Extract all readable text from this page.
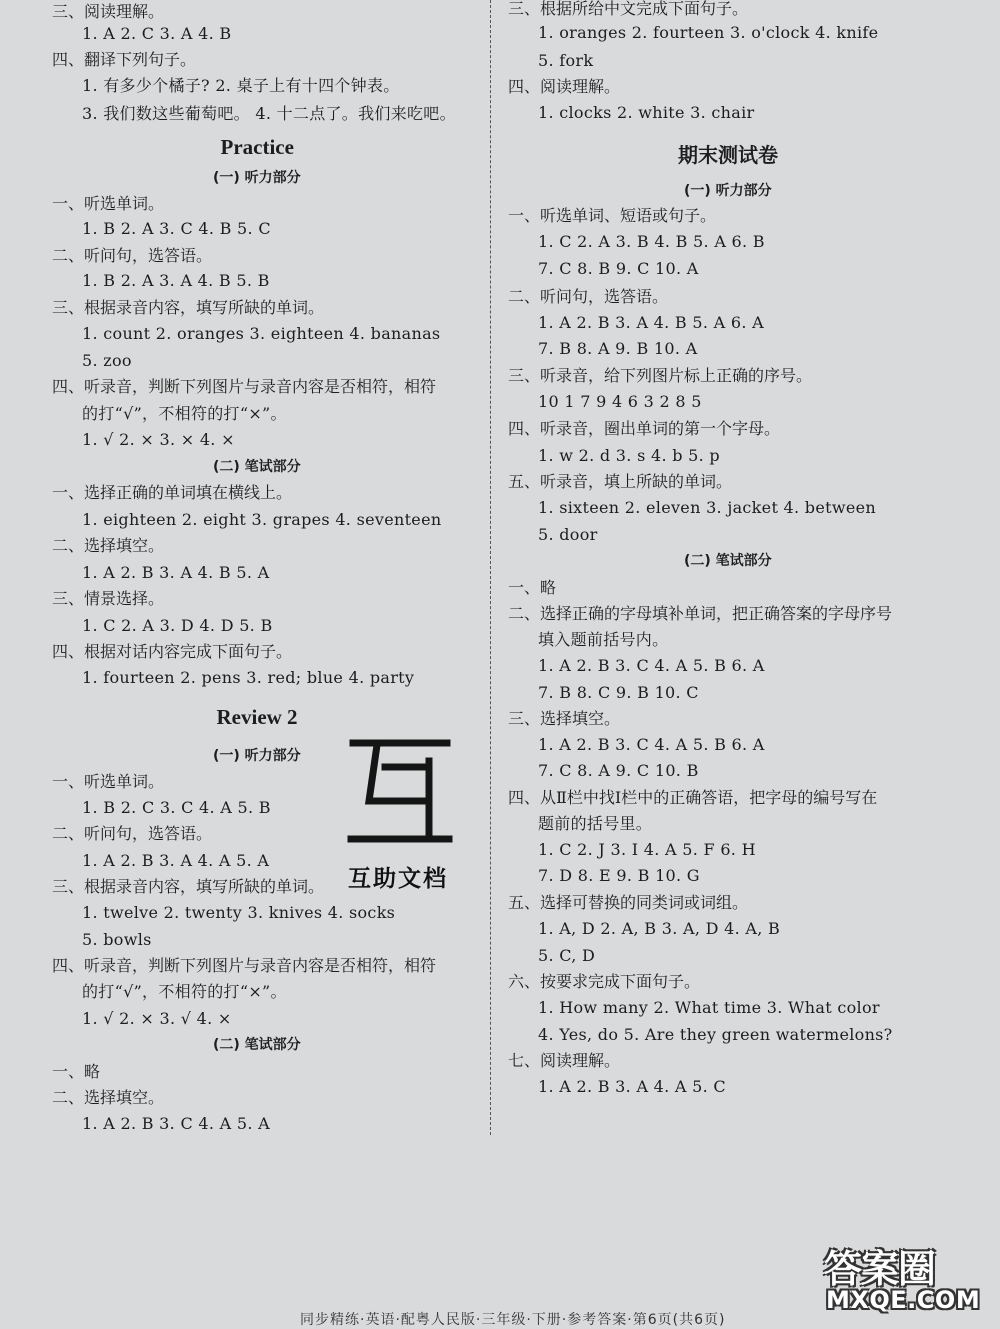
三、阅读理解。
1. A 2. C 3. A 4. B
四、翻译下列句子。
1. 有多少个橘子? 2. 桌子上有十四个钟表。
3. 我们数这些葡萄吧。 4. 十二点了。我们来吃吧。
Practice
(一) 听力部分
一、听选单词。
1. B 2. A 3. C 4. B 5. C
二、听问句，选答语。
1. B 2. A 3. A 4. B 5. B
三、根据录音内容，填写所缺的单词。
1. count 2. oranges 3. eighteen 4. bananas
5. zoo
四、听录音，判断下列图片与录音内容是否相符，相符
的打“√”，不相符的打“×”。
1. √ 2. × 3. × 4. ×
(二) 笔试部分
一、选择正确的单词填在横线上。
1. eighteen 2. eight 3. grapes 4. seventeen
二、选择填空。
1. A 2. B 3. A 4. B 5. A
三、情景选择。
1. C 2. A 3. D 4. D 5. B
四、根据对话内容完成下面句子。
1. fourteen 2. pens 3. red; blue 4. party
Review 2
(一) 听力部分
一、听选单词。
1. B 2. C 3. C 4. A 5. B
二、听问句，选答语。
1. A 2. B 3. A 4. A 5. A
三、根据录音内容，填写所缺的单词。
1. twelve 2. twenty 3. knives 4. socks
5. bowls
四、听录音，判断下列图片与录音内容是否相符，相符
的打“√”，不相符的打“×”。
1. √ 2. × 3. √ 4. ×
(二) 笔试部分
一、略
二、选择填空。
1. A 2. B 3. C 4. A 5. A
三、根据所给中文完成下面句子。
1. oranges 2. fourteen 3. o'clock 4. knife
5. fork
四、阅读理解。
1. clocks 2. white 3. chair
期末测试卷
(一) 听力部分
一、听选单词、短语或句子。
1. C 2. A 3. B 4. B 5. A 6. B
7. C 8. B 9. C 10. A
二、听问句，选答语。
1. A 2. B 3. A 4. B 5. A 6. A
7. B 8. A 9. B 10. A
三、听录音，给下列图片标上正确的序号。
10 1 7 9 4 6 3 2 8 5
四、听录音，圈出单词的第一个字母。
1. w 2. d 3. s 4. b 5. p
五、听录音，填上所缺的单词。
1. sixteen 2. eleven 3. jacket 4. between
5. door
(二) 笔试部分
一、略
二、选择正确的字母填补单词，把正确答案的字母序号
填入题前括号内。
1. A 2. B 3. C 4. A 5. B 6. A
7. B 8. C 9. B 10. C
三、选择填空。
1. A 2. B 3. C 4. A 5. B 6. A
7. C 8. A 9. C 10. B
四、从Ⅱ栏中找Ⅰ栏中的正确答语，把字母的编号写在
题前的括号里。
1. C 2. J 3. I 4. A 5. F 6. H
7. D 8. E 9. B 10. G
五、选择可替换的同类词或词组。
1. A, D 2. A, B 3. A, D 4. A, B
5. C, D
六、按要求完成下面句子。
1. How many 2. What time 3. What color
4. Yes, do 5. Are they green watermelons?
七、阅读理解。
1. A 2. B 3. A 4. A 5. C
互助文档
答案圈
MXQE.COM
同步精练·英语·配粤人民版·三年级·下册·参考答案·第6页(共6页)
